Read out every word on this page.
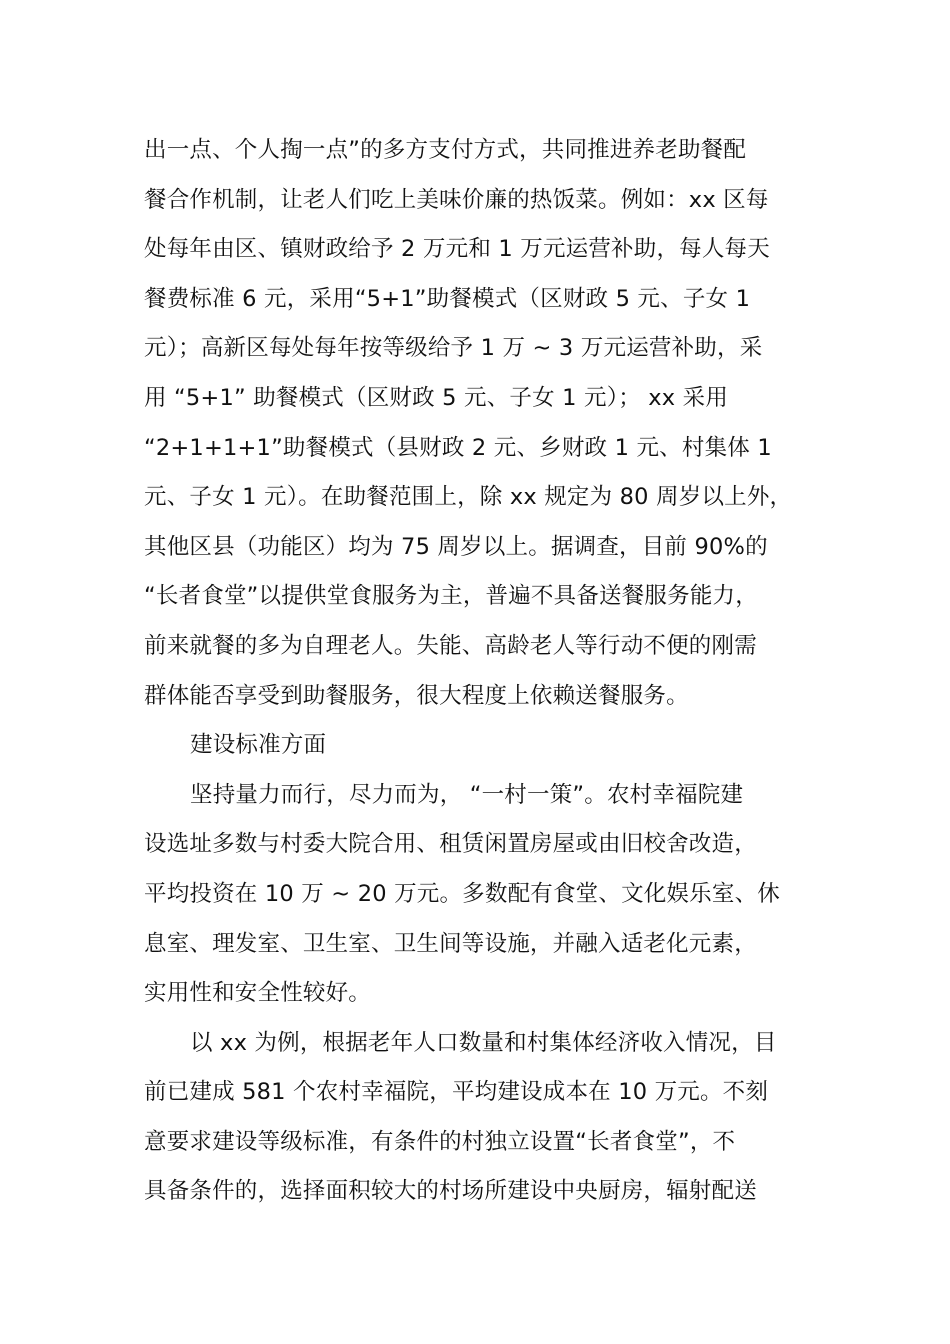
出一点、个人掏一点”的多方支付方式，共同推进养老助餐配
餐合作机制，让老人们吃上美味价廉的热饭菜。例如：xx 区每
处每年由区、镇财政给予 2 万元和 1 万元运营补助，每人每天
餐费标准 6 元，采用“5+1”助餐模式（区财政 5 元、子女 1
元）；高新区每处每年按等级给予 1 万 ~ 3 万元运营补助，采
用 “5+1” 助餐模式（区财政 5 元、子女 1 元）； xx 采用
“2+1+1+1”助餐模式（县财政 2 元、乡财政 1 元、村集体 1
元、子女 1 元）。在助餐范围上，除 xx 规定为 80 周岁以上外，
其他区县（功能区）均为 75 周岁以上。据调查，目前 90%的
“长者食堂”以提供堂食服务为主，普遍不具备送餐服务能力，
前来就餐的多为自理老人。失能、高龄老人等行动不便的刚需
群体能否享受到助餐服务，很大程度上依赖送餐服务。
建设标准方面
坚持量力而行，尽力而为， “一村一策”。农村幸福院建
设选址多数与村委大院合用、租赁闲置房屋或由旧校舍改造，
平均投资在 10 万 ~ 20 万元。多数配有食堂、文化娱乐室、休
息室、理发室、卫生室、卫生间等设施，并融入适老化元素，
实用性和安全性较好。
以 xx 为例，根据老年人口数量和村集体经济收入情况，目
前已建成 581 个农村幸福院，平均建设成本在 10 万元。不刻
意要求建设等级标准，有条件的村独立设置“长者食堂”，不
具备条件的，选择面积较大的村场所建设中央厨房，辐射配送
